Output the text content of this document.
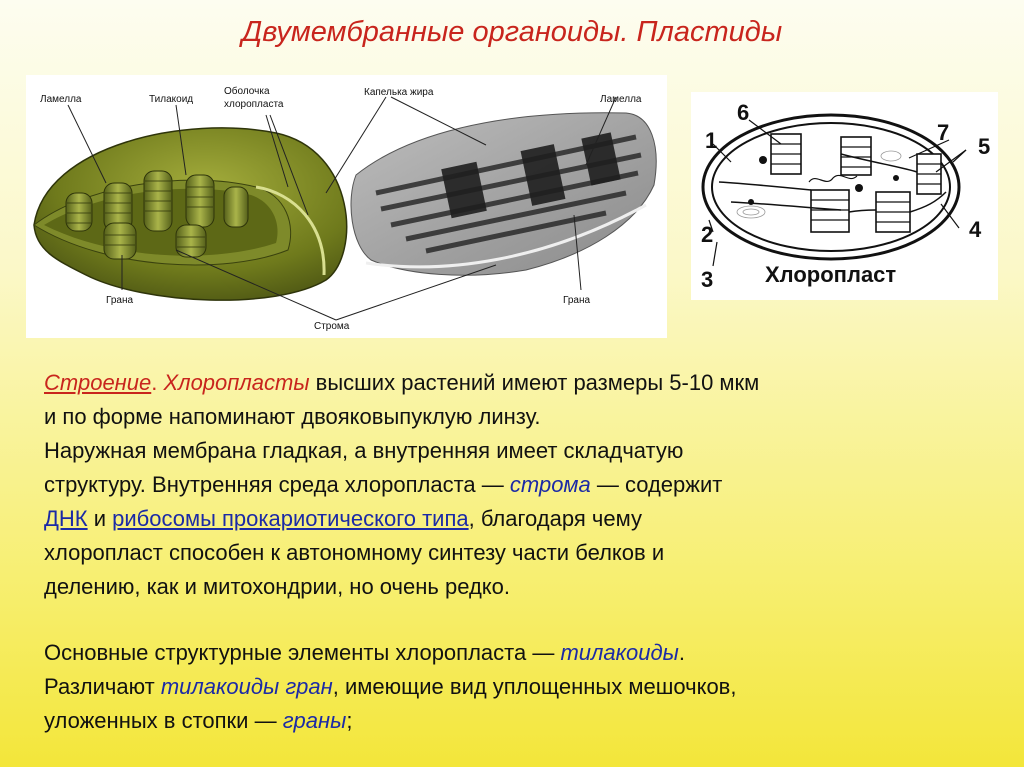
Двумембранные органоиды. Пластиды
Ламелла	Тилакоид
Оболочка
хлоропласта
Капелька жира
Ламелла
Грана
Строма
Грана
1
2
3
4
5
6
7
Хлоропласт

Строение. Хлоропласты высших растений имеют размеры 5-10 мкм
и по форме напоминают двояковыпуклую линзу.
Наружная мембрана гладкая, а внутренняя имеет складчатую
структуру. Внутренняя среда хлоропласта — строма — содержит
ДНК и рибосомы прокариотического типа, благодаря чему
хлоропласт способен к автономному синтезу части белков и
делению, как и митохондрии, но очень редко.

Основные структурные элементы хлоропласта — тилакоиды.
Различают тилакоиды гран, имеющие вид уплощенных мешочков,
уложенных в стопки — граны;
